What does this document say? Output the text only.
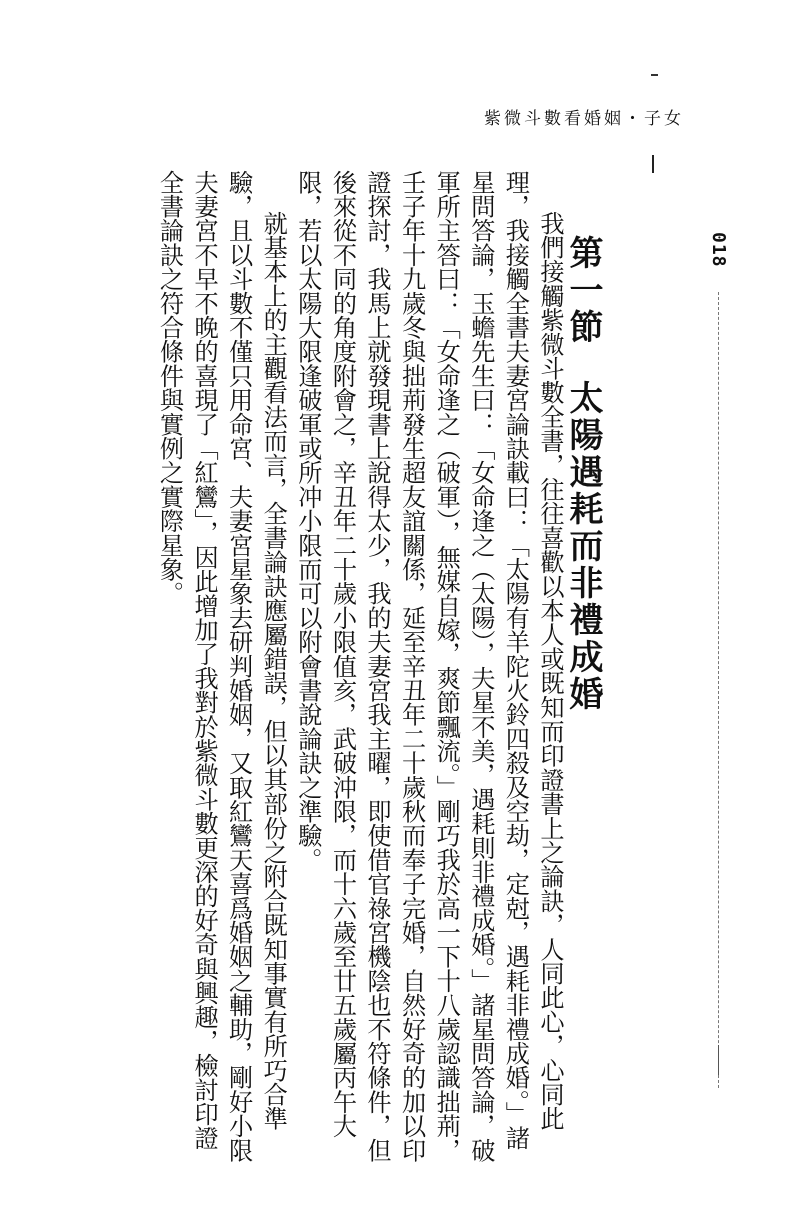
紫微斗數看婚姻・子女
018
第一節太陽遇耗而非禮成婚

我們接觸紫微斗數全書，往往喜歡以本人或既知而印證書上之論訣，人同此心，心同此理，我接觸全書夫妻宮論訣載曰：「太陽有羊陀火鈴四殺及空劫，定尅，遇耗非禮成婚。」諸星問答論，玉蟾先生曰：「女命逢之（太陽），夫星不美，遇耗則非禮成婚。」諸星問答論，破軍所主答曰：「女命逢之（破軍），無媒自嫁，爽節飄流。」剛巧我於高一下十八歲認識拙荊，壬子年十九歲冬與拙荊發生超友誼關係，延至辛丑年二十歲秋而奉子完婚，自然好奇的加以印證探討，我馬上就發現書上說得太少，我的夫妻宮我主曜，即使借官祿宮機陰也不符條件，但後來從不同的角度附會之，辛丑年二十歲小限值亥，武破沖限，而十六歲至廿五歲屬丙午大限，若以太陽大限逢破軍或所冲小限而可以附會書說論訣之準驗。

就基本上的主觀看法而言，全書論訣應屬錯誤，但以其部份之附合既知事實有所巧合準驗，且以斗數不僅只用命宮、夫妻宮星象去研判婚姻，又取紅鸞天喜爲婚姻之輔助，剛好小限夫妻宮不早不晚的喜現了「紅鸞」，因此增加了我對於紫微斗數更深的好奇與興趣，檢討印證全書論訣之符合條件與實例之實際星象。
